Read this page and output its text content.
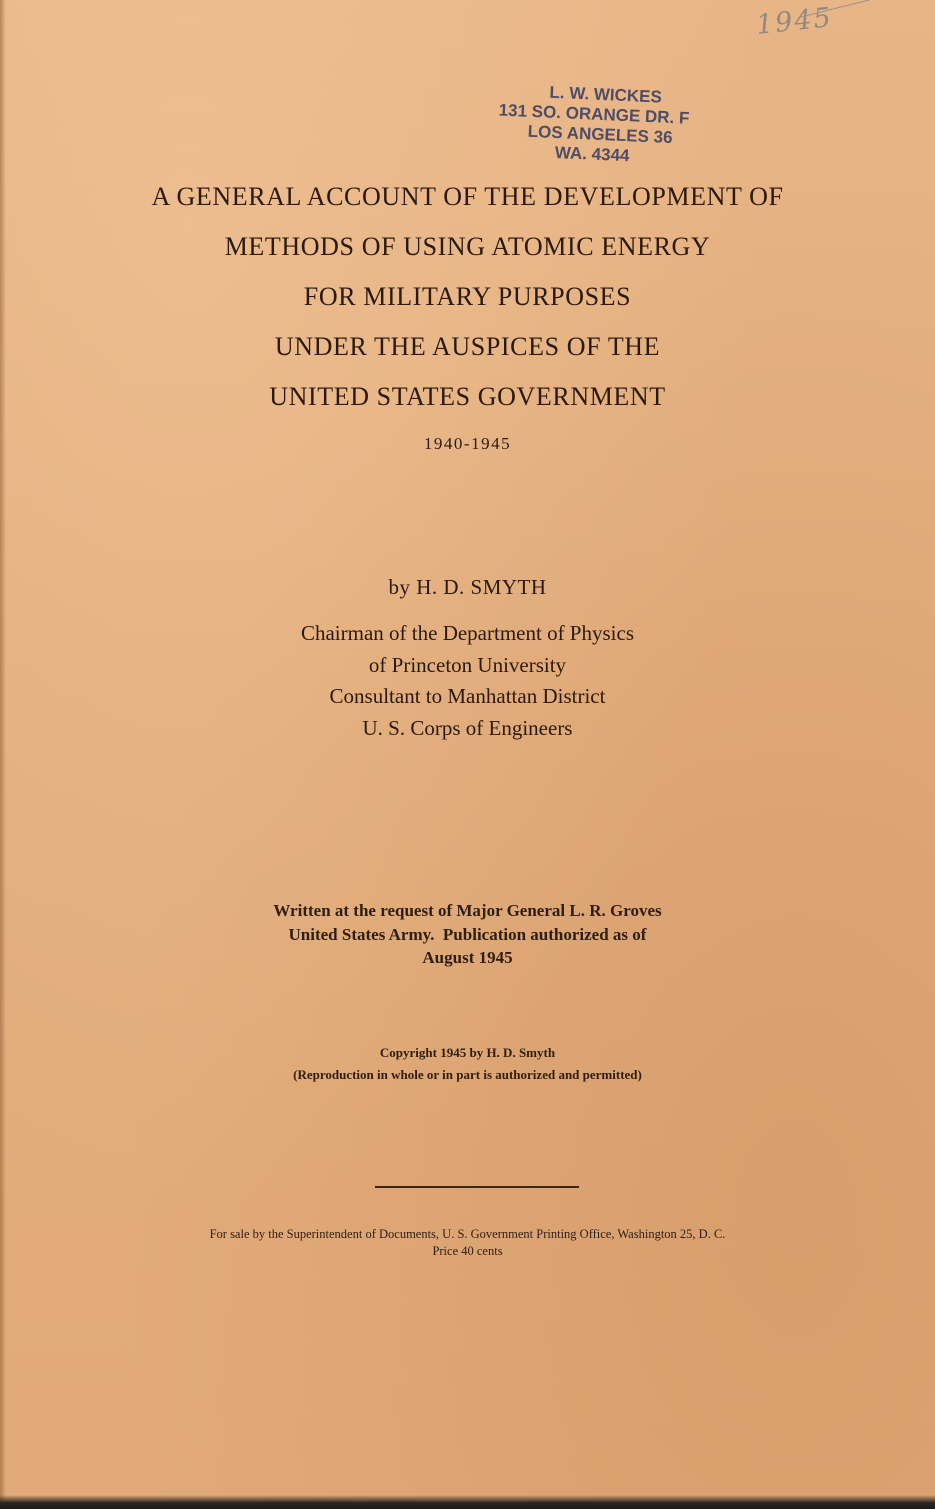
1945
L. W. WICKES
131 SO. ORANGE DR. F
LOS ANGELES 36
WA. 4344
A GENERAL ACCOUNT OF THE DEVELOPMENT OF
METHODS OF USING ATOMIC ENERGY
FOR MILITARY PURPOSES
UNDER THE AUSPICES OF THE
UNITED STATES GOVERNMENT
1940-1945
by H. D. SMYTH
Chairman of the Department of Physics
of Princeton University
Consultant to Manhattan District
U. S. Corps of Engineers
Written at the request of Major General L. R. Groves
United States Army.  Publication authorized as of
August 1945
Copyright 1945 by H. D. Smyth
(Reproduction in whole or in part is authorized and permitted)
For sale by the Superintendent of Documents, U. S. Government Printing Office, Washington 25, D. C.
Price 40 cents
